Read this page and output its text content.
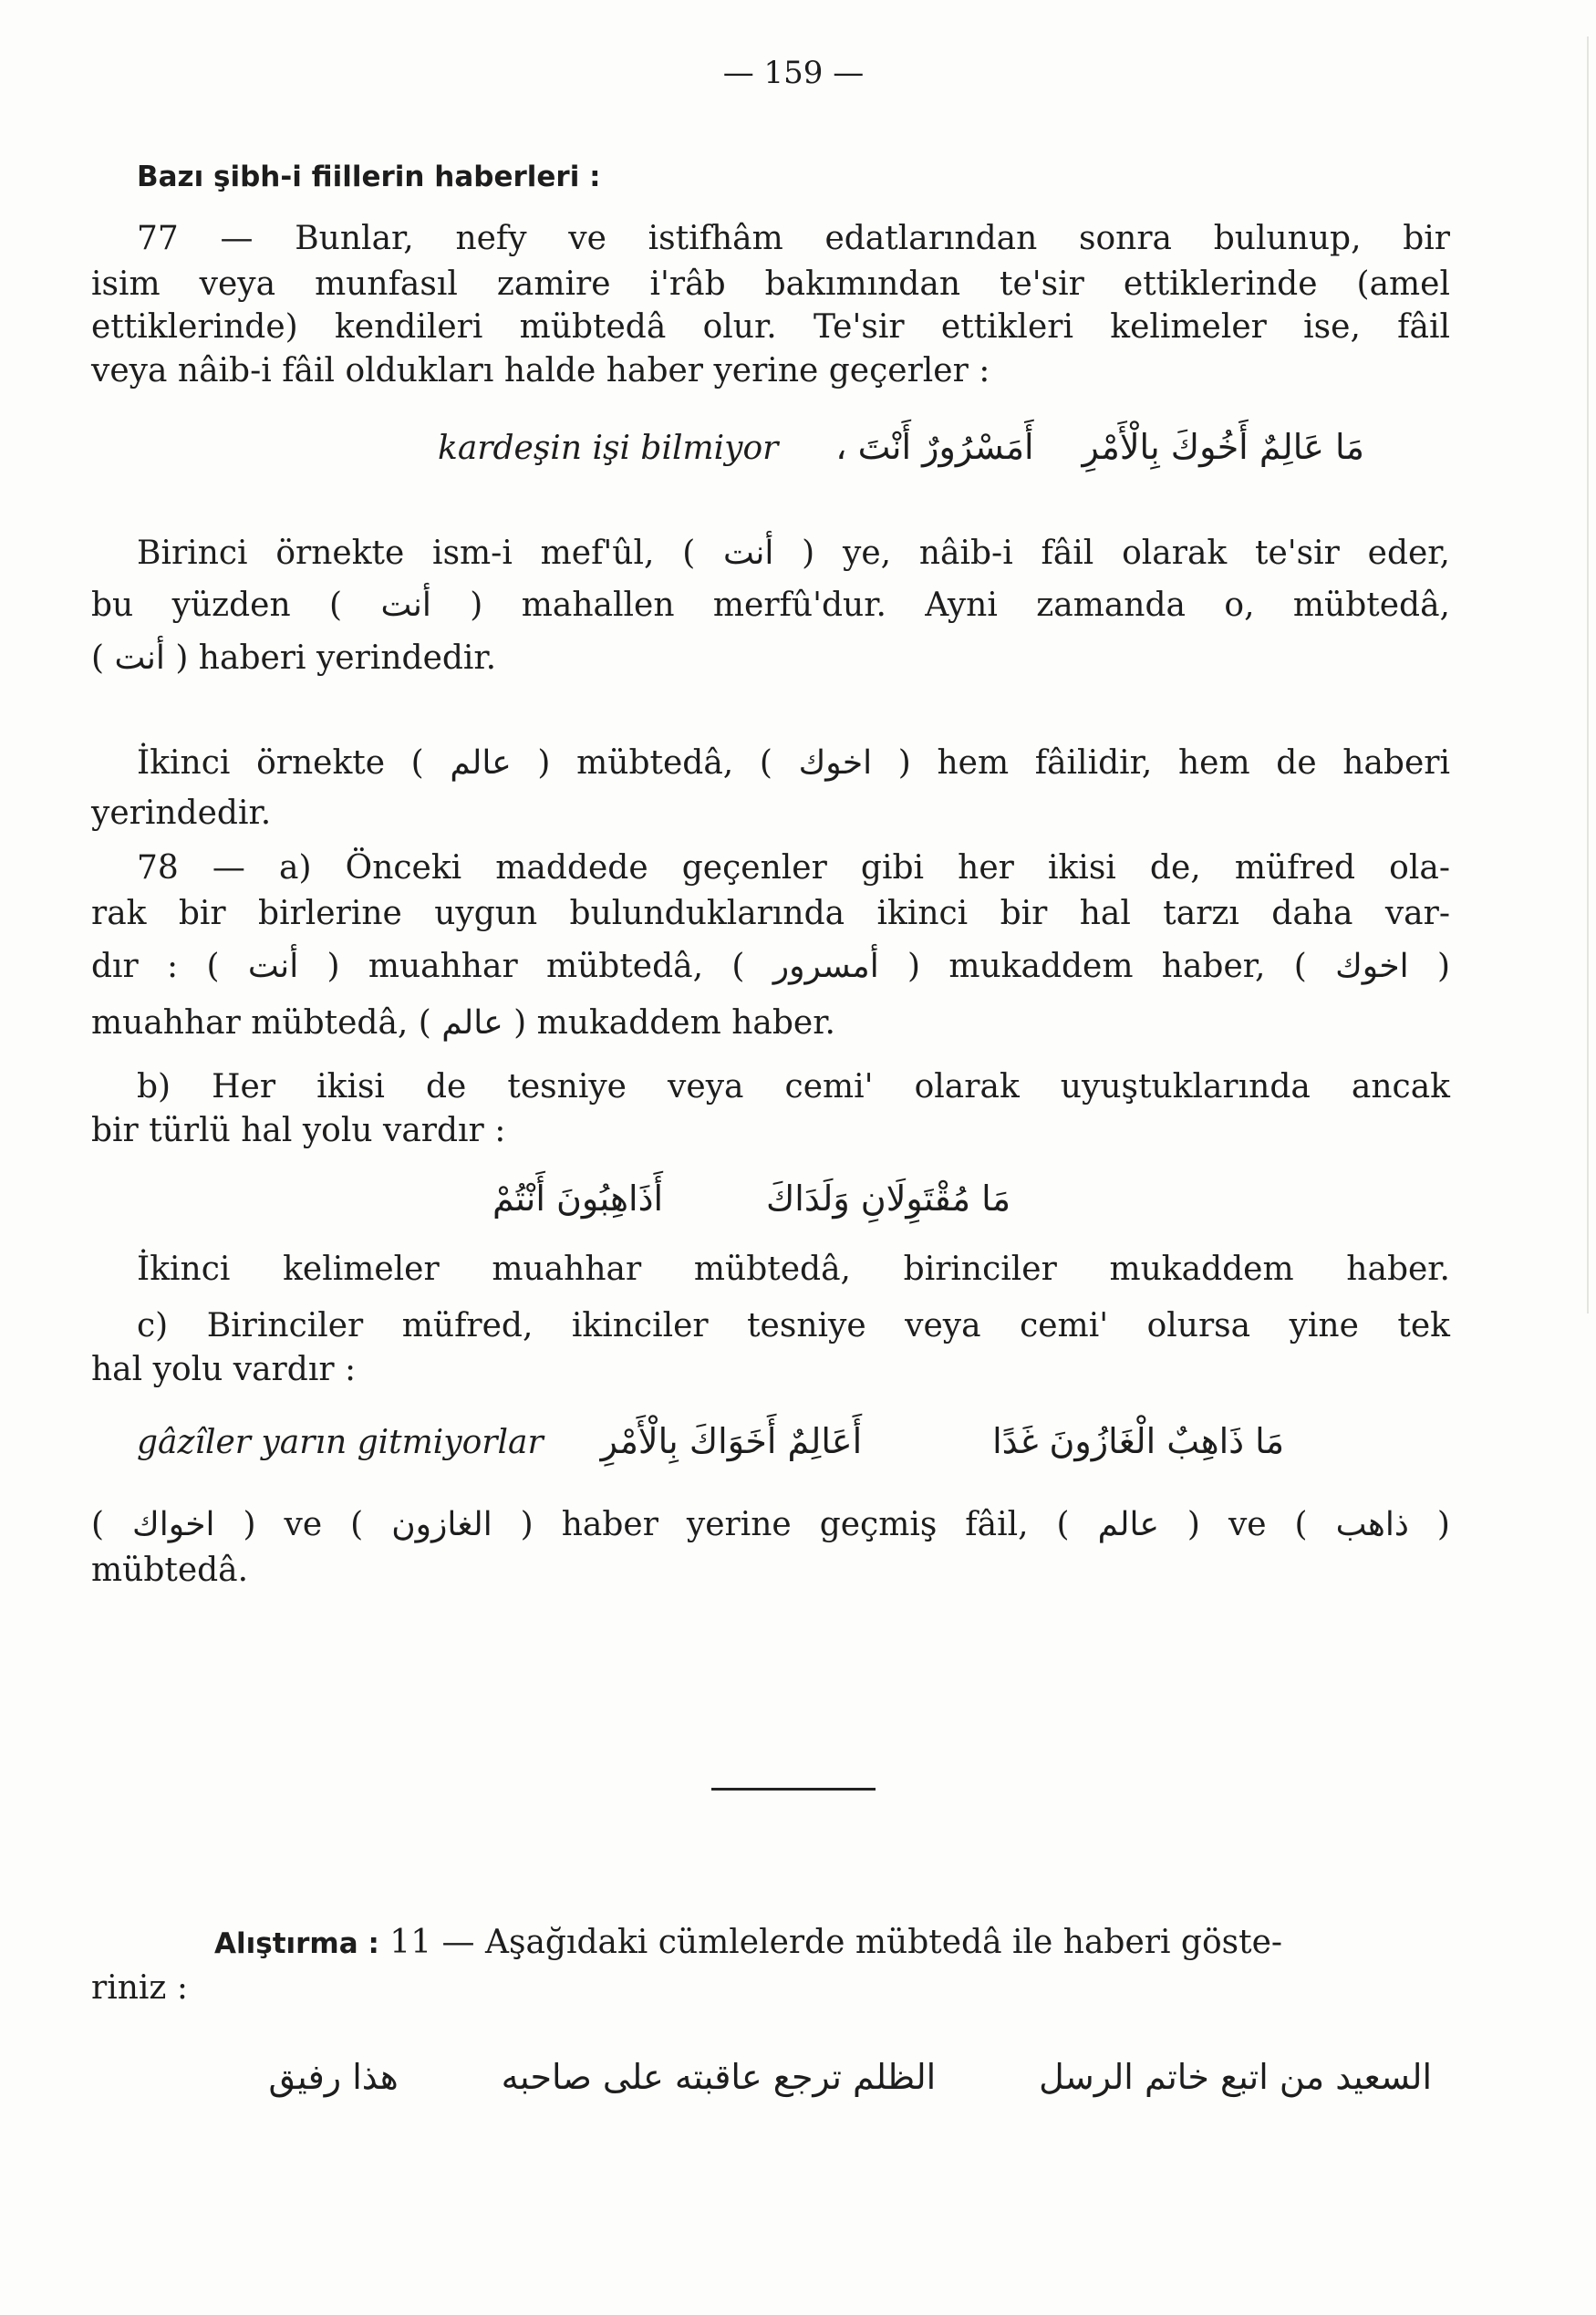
— 159 —
Bazı şibh-i fiillerin haberleri :
77 — Bunlar, nefy ve istifhâm edatlarından sonra bulunup, bir
isim veya munfasıl zamire i'râb bakımından te'sir ettiklerinde (amel
ettiklerinde) kendileri mübtedâ olur. Te'sir ettikleri kelimeler ise, fâil
veya nâib-i fâil oldukları halde haber yerine geçerler :
kardeşin işi bilmiyor	مَا عَالِمٌ أَخُوكَ بِالْأَمْرِ  أَمَسْرُورٌ أَنْتَ ،
Birinci örnekte ism-i mef'ûl, ( أنت ) ye, nâib-i fâil olarak te'sir eder,
bu yüzden ( أنت ) mahallen merfû'dur. Ayni zamanda o, mübtedâ,
( أنت ) haberi yerindedir.
İkinci örnekte ( عالم ) mübtedâ, ( اخوك ) hem fâilidir, hem de haberi
yerindedir.
78 — a) Önceki maddede geçenler gibi her ikisi de, müfred ola-
rak bir birlerine uygun bulunduklarında ikinci bir hal tarzı daha var-
dır : ( أنت ) muahhar mübtedâ, ( أمسرور ) mukaddem haber, ( اخوك )
muahhar mübtedâ, ( عالم ) mukaddem haber.
b) Her ikisi de tesniye veya cemi' olarak uyuştuklarında ancak
bir türlü hal yolu vardır :
مَا مُقْتَوِلَانِ وَلَدَاكَ  أَذَاهِبُونَ أَنْتُمْ
İkinci kelimeler muahhar mübtedâ, birinciler mukaddem haber.
c) Birinciler müfred, ikinciler tesniye veya cemi' olursa yine tek
hal yolu vardır :
gâzîler yarın gitmiyorlar	مَا ذَاهِبٌ الْغَازُونَ غَدًا  أَعَالِمٌ أَخَوَاكَ بِالْأَمْرِ
( اخواك ) ve ( الغازون ) haber yerine geçmiş fâil, ( عالم ) ve ( ذاهب )
mübtedâ.
Alıştırma : 11 — Aşağıdaki cümlelerde mübtedâ ile haberi göste-
riniz :
السعيد من اتبع خاتم الرسل  الظلم ترجع عاقبته على صاحبه  هذا رفيق
